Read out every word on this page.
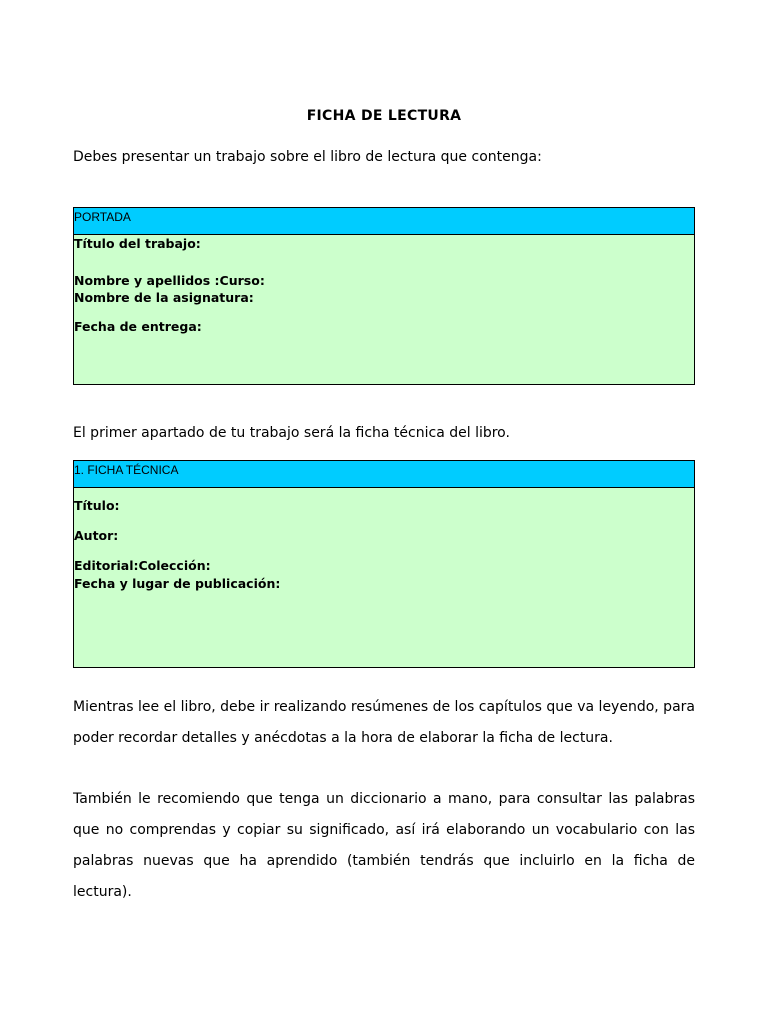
FICHA DE LECTURA
Debes presentar un trabajo sobre el libro de lectura que contenga:
PORTADA
Título del trabajo:
Nombre y apellidos :Curso:
Nombre de la asignatura:
Fecha de entrega:
El primer apartado de tu trabajo será la ficha técnica del libro.
1. FICHA TÉCNICA
Título:
Autor:
Editorial:Colección:
Fecha y lugar de publicación:
Mientras lee el libro, debe ir realizando resúmenes de los capítulos que va leyendo, para poder recordar detalles y anécdotas a la hora de elaborar la ficha de lectura.
También le recomiendo que tenga un diccionario a mano, para consultar las palabras que no comprendas y copiar su significado, así irá elaborando un vocabulario con las palabras nuevas que ha aprendido (también tendrás que incluirlo en la ficha de lectura).
